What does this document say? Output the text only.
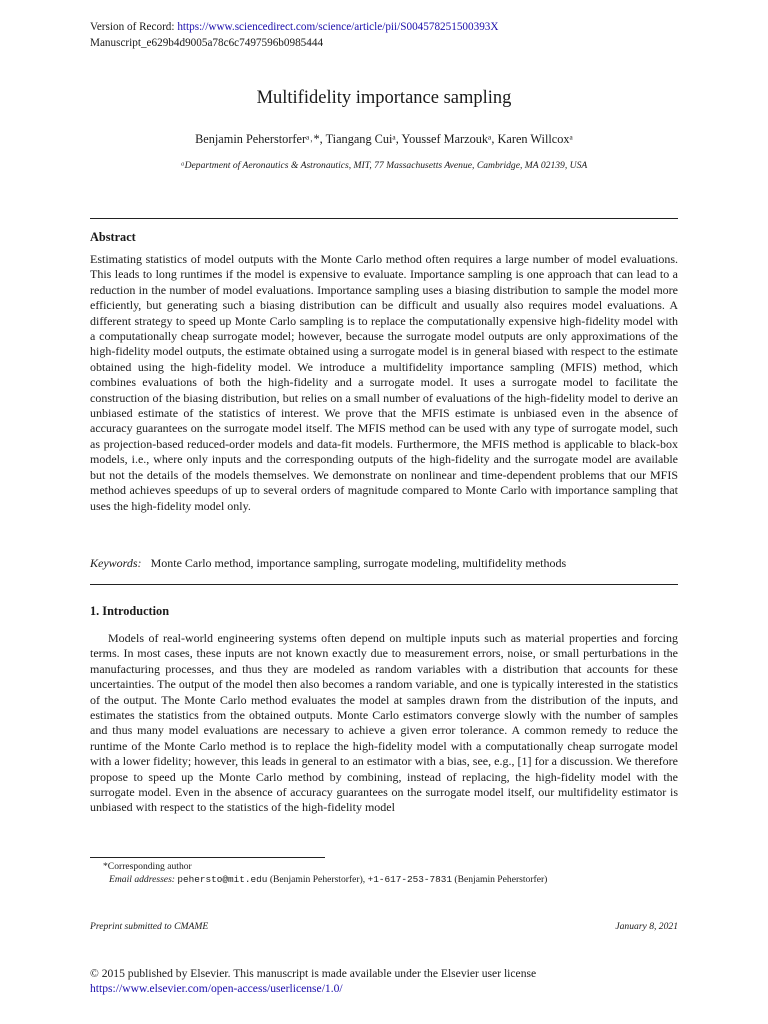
Version of Record: https://www.sciencedirect.com/science/article/pii/S004578251500393X
Manuscript_e629b4d9005a78c6c7497596b0985444
Multifidelity importance sampling
Benjamin Peherstorferᵃ˒*, Tiangang Cuiᵃ, Youssef Marzoukᵃ, Karen Willcoxᵃ
ᵃDepartment of Aeronautics & Astronautics, MIT, 77 Massachusetts Avenue, Cambridge, MA 02139, USA
Abstract
Estimating statistics of model outputs with the Monte Carlo method often requires a large number of model evaluations. This leads to long runtimes if the model is expensive to evaluate. Importance sampling is one approach that can lead to a reduction in the number of model evaluations. Importance sampling uses a biasing distribution to sample the model more efficiently, but generating such a biasing distribution can be difficult and usually also requires model evaluations. A different strategy to speed up Monte Carlo sampling is to replace the computationally expensive high-fidelity model with a computationally cheap surrogate model; however, because the surrogate model outputs are only approximations of the high-fidelity model outputs, the estimate obtained using a surrogate model is in general biased with respect to the estimate obtained using the high-fidelity model. We introduce a multifidelity importance sampling (MFIS) method, which combines evaluations of both the high-fidelity and a surrogate model. It uses a surrogate model to facilitate the construction of the biasing distribution, but relies on a small number of evaluations of the high-fidelity model to derive an unbiased estimate of the statistics of interest. We prove that the MFIS estimate is unbiased even in the absence of accuracy guarantees on the surrogate model itself. The MFIS method can be used with any type of surrogate model, such as projection-based reduced-order models and data-fit models. Furthermore, the MFIS method is applicable to black-box models, i.e., where only inputs and the corresponding outputs of the high-fidelity and the surrogate model are available but not the details of the models themselves. We demonstrate on nonlinear and time-dependent problems that our MFIS method achieves speedups of up to several orders of magnitude compared to Monte Carlo with importance sampling that uses the high-fidelity model only.
Keywords: Monte Carlo method, importance sampling, surrogate modeling, multifidelity methods
1. Introduction
Models of real-world engineering systems often depend on multiple inputs such as material properties and forcing terms. In most cases, these inputs are not known exactly due to measurement errors, noise, or small perturbations in the manufacturing processes, and thus they are modeled as random variables with a distribution that accounts for these uncertainties. The output of the model then also becomes a random variable, and one is typically interested in the statistics of the output. The Monte Carlo method evaluates the model at samples drawn from the distribution of the inputs, and estimates the statistics from the obtained outputs. Monte Carlo estimators converge slowly with the number of samples and thus many model evaluations are necessary to achieve a given error tolerance. A common remedy to reduce the runtime of the Monte Carlo method is to replace the high-fidelity model with a computationally cheap surrogate model with a lower fidelity; however, this leads in general to an estimator with a bias, see, e.g., [1] for a discussion. We therefore propose to speed up the Monte Carlo method by combining, instead of replacing, the high-fidelity model with the surrogate model. Even in the absence of accuracy guarantees on the surrogate model itself, our multifidelity estimator is unbiased with respect to the statistics of the high-fidelity model
*Corresponding author
Email addresses: pehersto@mit.edu (Benjamin Peherstorfer), +1-617-253-7831 (Benjamin Peherstorfer)
Preprint submitted to CMAME	January 8, 2021
© 2015 published by Elsevier. This manuscript is made available under the Elsevier user license
https://www.elsevier.com/open-access/userlicense/1.0/
